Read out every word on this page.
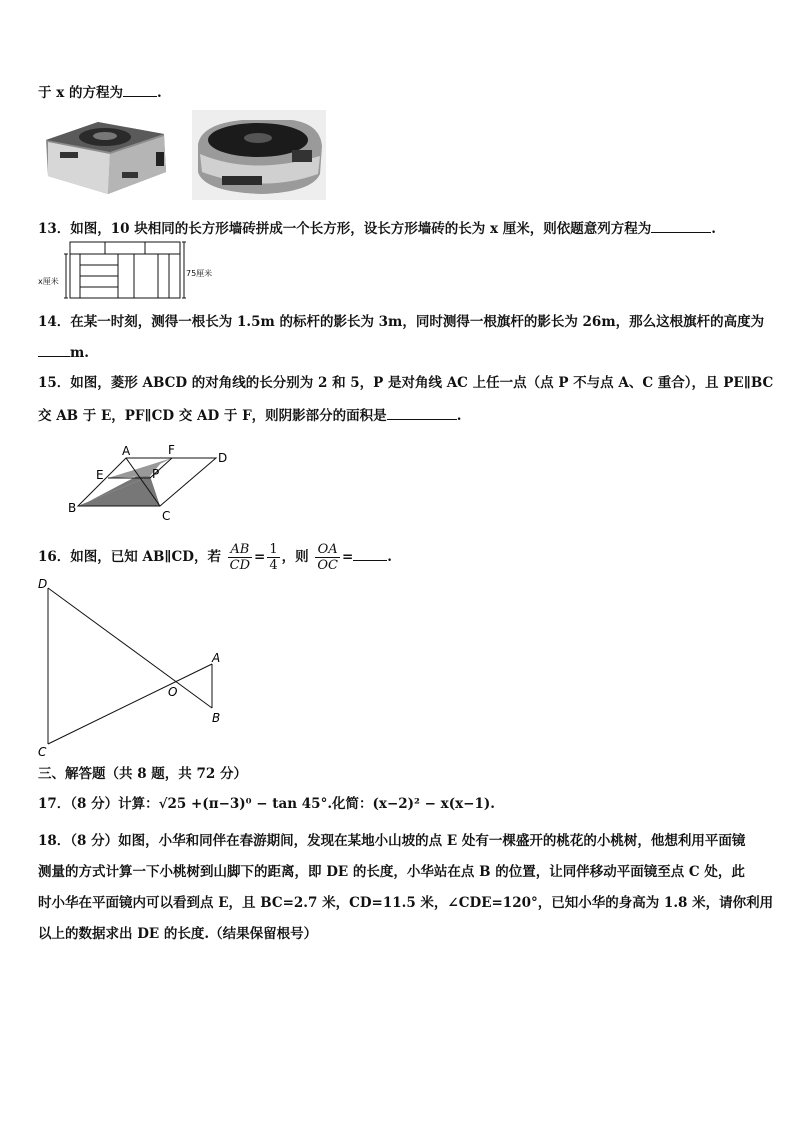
于 x 的方程为	.
13．如图，10 块相同的长方形墙砖拼成一个长方形，设长方形墙砖的长为 x 厘米，则依题意列方程为	.
x厘米
75厘米
14．在某一时刻，测得一根长为 1.5m 的标杆的影长为 3m，同时测得一根旗杆的影长为 26m，那么这根旗杆的高度为
m.
15．如图，菱形 ABCD 的对角线的长分别为 2 和 5，P 是对角线 AC 上任一点（点 P 不与点 A、C 重合），且 PE∥BC
交 AB 于 E，PF∥CD 交 AD 于 F，则阴影部分的面积是	.
A	F
D
E	P
B
C
16．如图，已知 AB∥CD，若 $\frac{AB}{CD} = \frac{1}{4}$ ，则 $\frac{OA}{OC}$ =	.
D
A
O
B
C
三、解答题（共 8 题，共 72 分）
17．（8 分）计算：√25 +(π−3)⁰ − tan 45°.化简：(x−2)² − x(x−1).
18．（8 分）如图，小华和同伴在春游期间，发现在某地小山坡的点 E 处有一棵盛开的桃花的小桃树，他想利用平面镜
测量的方式计算一下小桃树到山脚下的距离，即 DE 的长度，小华站在点 B 的位置，让同伴移动平面镜至点 C 处，此
时小华在平面镜内可以看到点 E，且 BC=2.7 米，CD=11.5 米，∠CDE=120°，已知小华的身高为 1.8 米，请你利用
以上的数据求出 DE 的长度.（结果保留根号）
